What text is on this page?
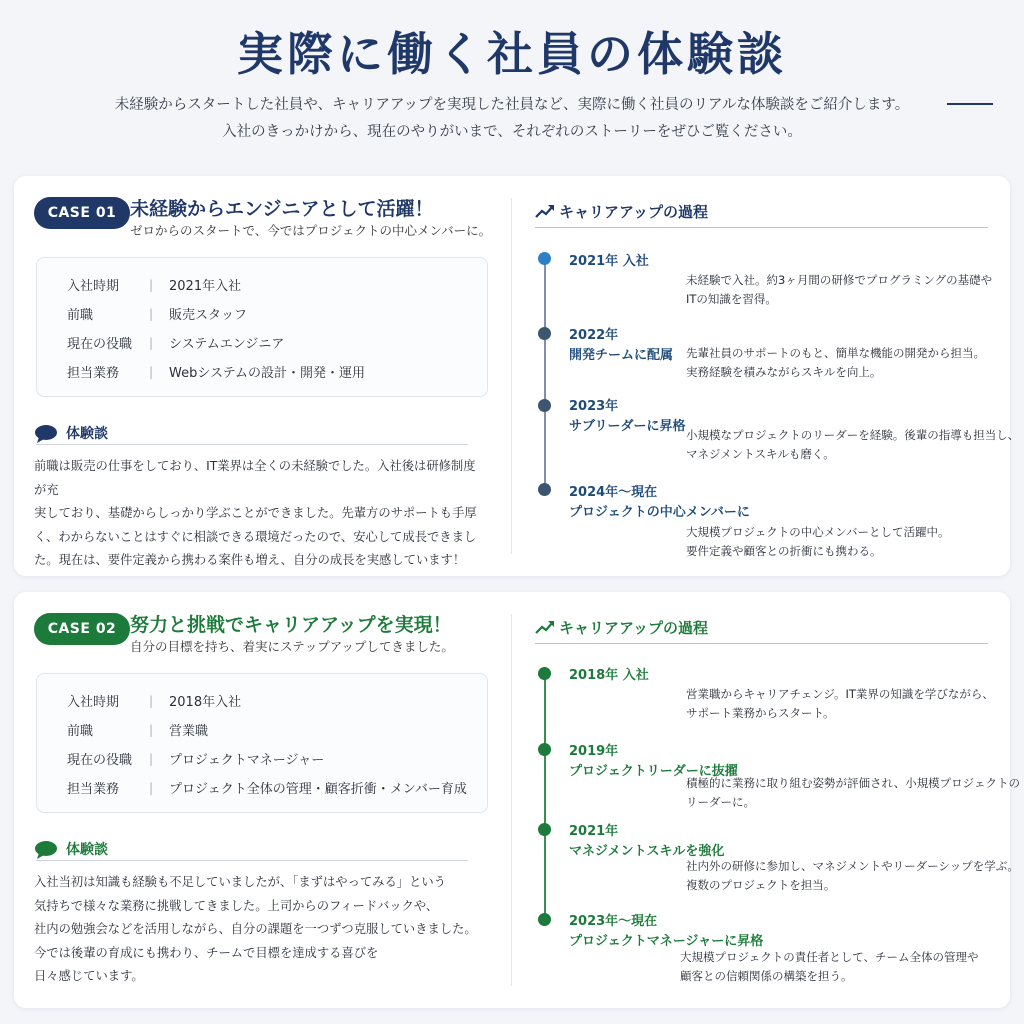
実際に働く社員の体験談
未経験からスタートした社員や、キャリアアップを実現した社員など、実際に働く社員のリアルな体験談をご紹介します。
入社のきっかけから、現在のやりがいまで、それぞれのストーリーをぜひご覧ください。
CASE 01 未経験からエンジニアとして活躍！
ゼロからのスタートで、今ではプロジェクトの中心メンバーに。
入社時期	|	2021年入社
前職	|	販売スタッフ
現在の役職	|	システムエンジニア
担当業務	|	Webシステムの設計・開発・運用
体験談
前職は販売の仕事をしており、IT業界は全くの未経験でした。入社後は研修制度が充
実しており、基礎からしっかり学ぶことができました。先輩方のサポートも手厚
く、わからないことはすぐに相談できる環境だったので、安心して成長できまし
た。現在は、要件定義から携わる案件も増え、自分の成長を実感しています！
キャリアアップの過程
2021年 入社
未経験で入社。約3ヶ月間の研修でプログラミングの基礎や
ITの知識を習得。
2022年
開発チームに配属 先輩社員のサポートのもと、簡単な機能の開発から担当。
実務経験を積みながらスキルを向上。
2023年
サブリーダーに昇格
小規模なプロジェクトのリーダーを経験。後輩の指導も担当し、
マネジメントスキルも磨く。
2024年〜現在
プロジェクトの中心メンバーに
大規模プロジェクトの中心メンバーとして活躍中。
要件定義や顧客との折衝にも携わる。
CASE 02 努力と挑戦でキャリアアップを実現！
自分の目標を持ち、着実にステップアップしてきました。
入社時期	|	2018年入社
前職	|	営業職
現在の役職	|	プロジェクトマネージャー
担当業務	|	プロジェクト全体の管理・顧客折衝・メンバー育成
体験談
入社当初は知識も経験も不足していましたが、「まずはやってみる」という
気持ちで様々な業務に挑戦してきました。上司からのフィードバックや、
社内の勉強会などを活用しながら、自分の課題を一つずつ克服していきました。
今では後輩の育成にも携わり、チームで目標を達成する喜びを
日々感じています。
キャリアアップの過程
2018年 入社
営業職からキャリアチェンジ。IT業界の知識を学びながら、
サポート業務からスタート。
2019年
プロジェクトリーダーに抜擢
積極的に業務に取り組む姿勢が評価され、小規模プロジェクトの
リーダーに。
2021年
マネジメントスキルを強化
社内外の研修に参加し、マネジメントやリーダーシップを学ぶ。
複数のプロジェクトを担当。
2023年〜現在
プロジェクトマネージャーに昇格
大規模プロジェクトの責任者として、チーム全体の管理や
顧客との信頼関係の構築を担う。
